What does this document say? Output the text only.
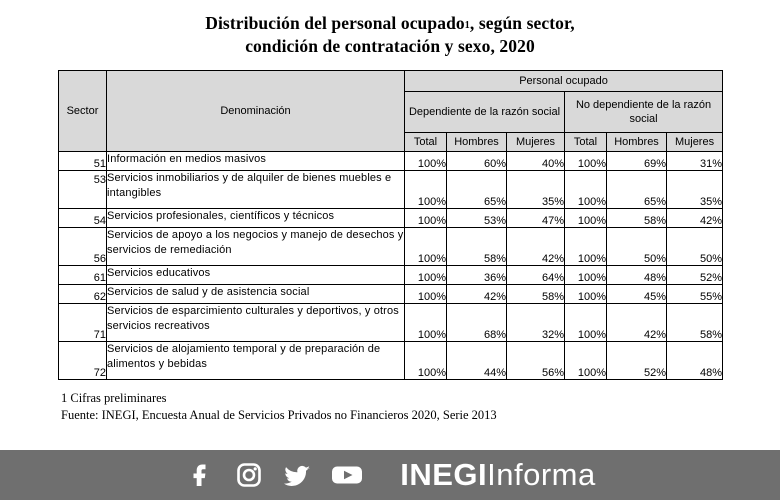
Distribución del personal ocupado$^1$, según sector,
condición de contratación y sexo, 2020
Sector	Denominación	Personal ocupado					
		Dependiente de la razón social			No dependiente de la razón social		
		Total	Hombres	Mujeres	Total	Hombres	Mujeres
51	Información en medios masivos	100%	60%	40%	100%	69%	31%
53	Servicios inmobiliarios y de alquiler de bienes muebles e intangibles	100%	65%	35%	100%	65%	35%
54	Servicios profesionales, científicos y técnicos	100%	53%	47%	100%	58%	42%
56	Servicios de apoyo a los negocios y manejo de desechos y servicios de remediación	100%	58%	42%	100%	50%	50%
61	Servicios educativos	100%	36%	64%	100%	48%	52%
62	Servicios de salud y de asistencia social	100%	42%	58%	100%	45%	55%
71	Servicios de esparcimiento culturales y deportivos, y otros servicios recreativos	100%	68%	32%	100%	42%	58%
72	Servicios de alojamiento temporal y de preparación de alimentos y bebidas	100%	44%	56%	100%	52%	48%
1 Cifras preliminares
Fuente: INEGI, Encuesta Anual de Servicios Privados no Financieros 2020, Serie 2013
INEGI Informa
